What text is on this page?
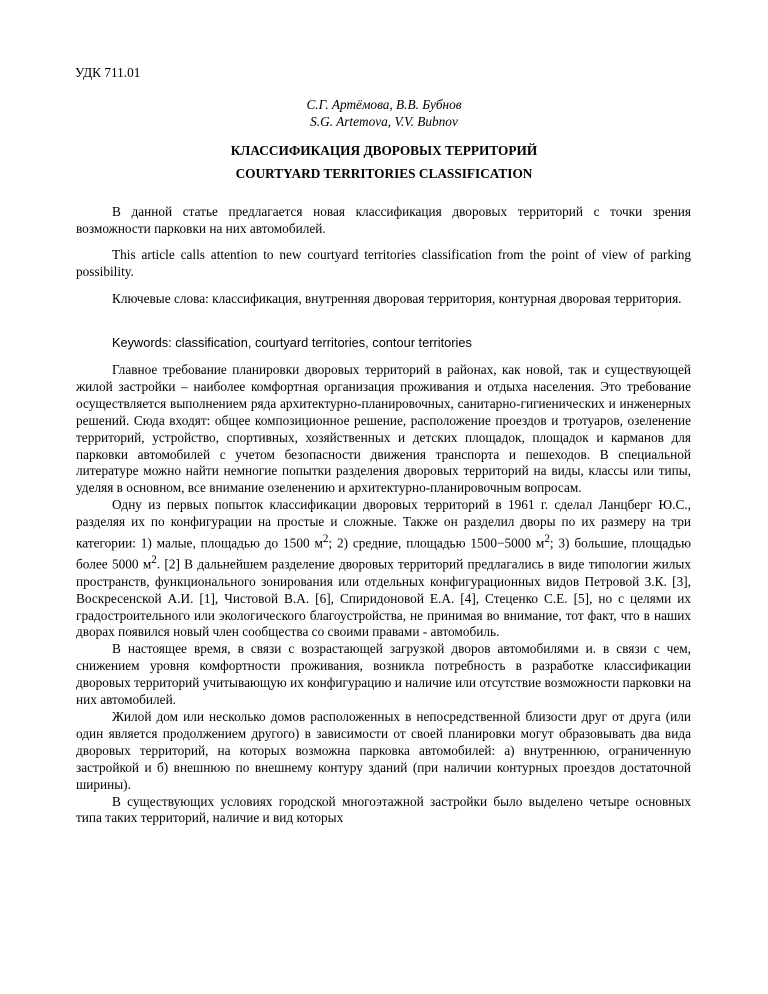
УДК 711.01
С.Г. Артёмова, В.В. Бубнов
S.G. Artemova, V.V. Bubnov
КЛАССИФИКАЦИЯ ДВОРОВЫХ ТЕРРИТОРИЙ
COURTYARD TERRITORIES CLASSIFICATION

В данной статье предлагается новая классификация дворовых территорий с точки зрения возможности парковки на них автомобилей.

This article calls attention to new courtyard territories classification from the point of view of parking possibility.

Ключевые слова: классификация, внутренняя дворовая территория, контурная дворовая территория.

Keywords: classification, courtyard territories, contour territories

Главное требование планировки дворовых территорий в районах, как новой, так и существующей жилой застройки – наиболее комфортная организация проживания и отдыха населения. Это требование осуществляется выполнением ряда архитектурно-планировочных, санитарно-гигиенических и инженерных решений. Сюда входят: общее композиционное решение, расположение проездов и тротуаров, озеленение территорий, устройство, спортивных, хозяйственных и детских площадок, площадок и карманов для парковки автомобилей с учетом безопасности движения транспорта и пешеходов. В специальной литературе можно найти немногие попытки разделения дворовых территорий на виды, классы или типы, уделяя в основном, все внимание озеленению и архитектурно-планировочным вопросам.

Одну из первых попыток классификации дворовых территорий в 1961 г. сделал Ланцберг Ю.С., разделяя их по конфигурации на простые и сложные. Также он разделил дворы по их размеру на три категории: 1) малые, площадью до 1500 $м^2$; 2) средние, площадью 1500−5000 $м^2$; 3) большие, площадью более 5000 $м^2$. [2] В дальнейшем разделение дворовых территорий предлагались в виде типологии жилых пространств, функционального зонирования или отдельных конфигурационных видов Петровой З.К. [3], Воскресенской А.И. [1], Чистовой В.А. [6], Спиридоновой Е.А. [4], Стеценко С.Е. [5], но с целями их градостроительного или экологического благоустройства, не принимая во внимание, тот факт, что в наших дворах появился новый член сообщества со своими правами - автомобиль.

В настоящее время, в связи с возрастающей загрузкой дворов автомобилями и. в связи с чем, снижением уровня комфортности проживания, возникла потребность в разработке классификации дворовых территорий учитывающую их конфигурацию и наличие или отсутствие возможности парковки на них автомобилей.

Жилой дом или несколько домов расположенных в непосредственной близости друг от друга (или один является продолжением другого) в зависимости от своей планировки могут образовывать два вида дворовых территорий, на которых возможна парковка автомобилей: а) внутреннюю, ограниченную застройкой и б) внешнюю по внешнему контуру зданий (при наличии контурных проездов достаточной ширины).

В существующих условиях городской многоэтажной застройки было выделено четыре основных типа таких территорий, наличие и вид которых
